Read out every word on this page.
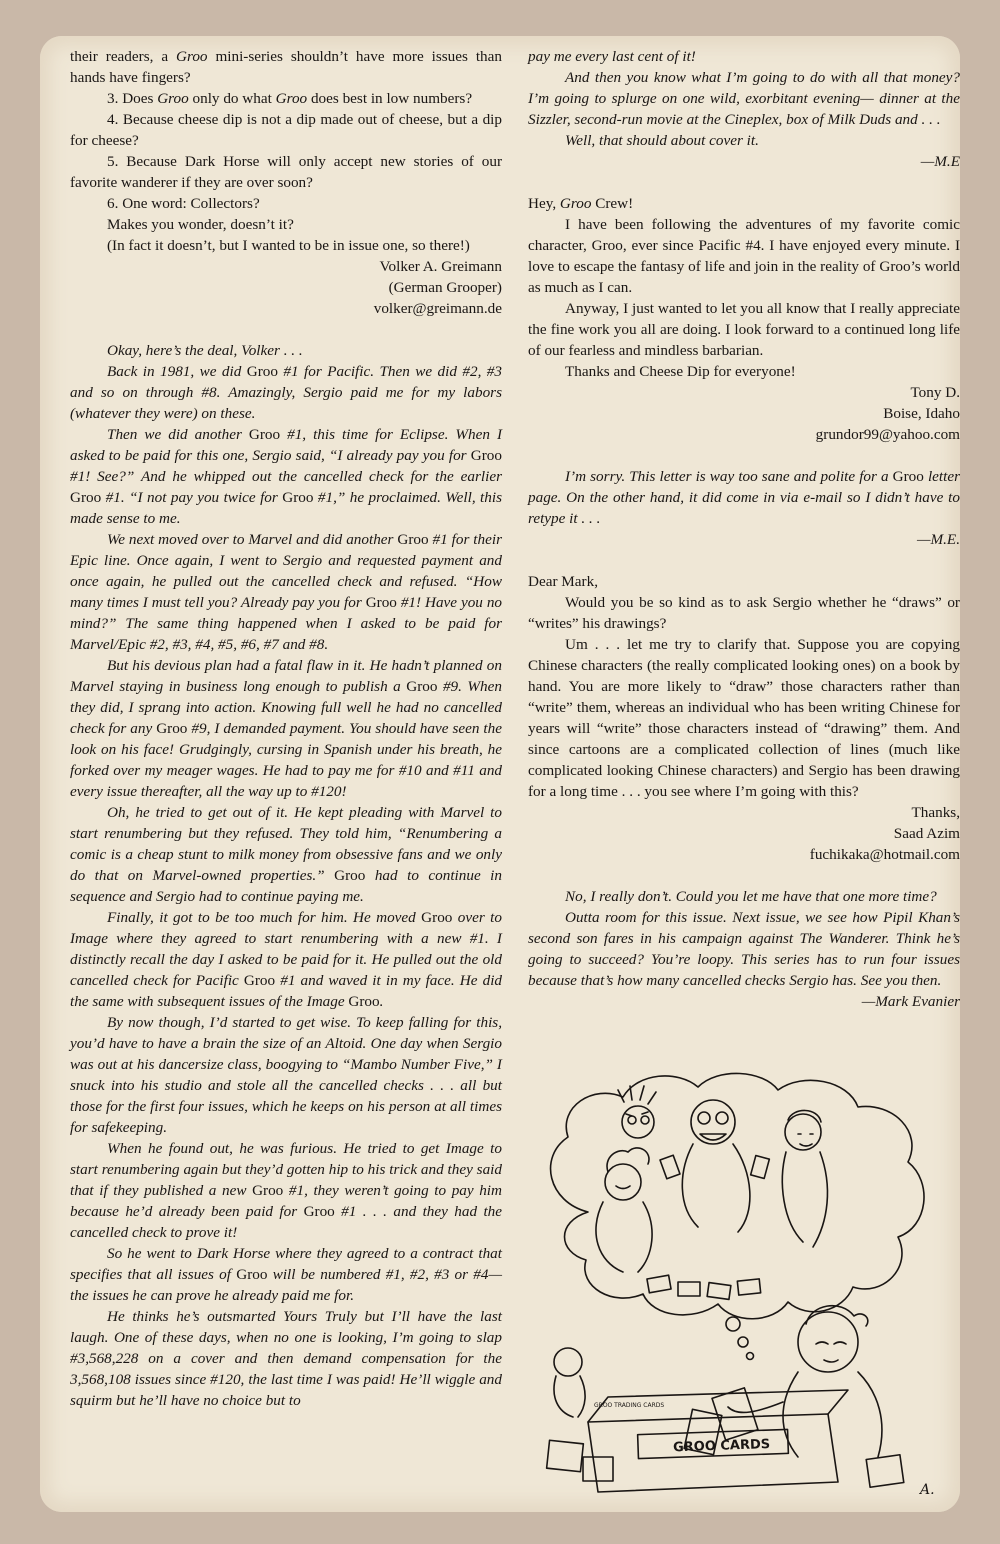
their readers, a Groo mini-series shouldn’t have more issues than hands have fingers?

3. Does Groo only do what Groo does best in low numbers?

4. Because cheese dip is not a dip made out of cheese, but a dip for cheese?

5. Because Dark Horse will only accept new stories of our favorite wanderer if they are over soon?

6. One word: Collectors?

Makes you wonder, doesn’t it?

(In fact it doesn’t, but I wanted to be in issue one, so there!)

Volker A. Greimann

(German Grooper)

volker@greimann.de

Okay, here’s the deal, Volker . . .

Back in 1981, we did Groo #1 for Pacific. Then we did #2, #3 and so on through #8. Amazingly, Sergio paid me for my labors (whatever they were) on these.

Then we did another Groo #1, this time for Eclipse. When I asked to be paid for this one, Sergio said, “I already pay you for Groo #1! See?” And he whipped out the cancelled check for the earlier Groo #1. “I not pay you twice for Groo #1,” he proclaimed. Well, this made sense to me.

We next moved over to Marvel and did another Groo #1 for their Epic line. Once again, I went to Sergio and requested payment and once again, he pulled out the cancelled check and refused. “How many times I must tell you? Already pay you for Groo #1! Have you no mind?” The same thing happened when I asked to be paid for Marvel/Epic #2, #3, #4, #5, #6, #7 and #8.

But his devious plan had a fatal flaw in it. He hadn’t planned on Marvel staying in business long enough to publish a Groo #9. When they did, I sprang into action. Knowing full well he had no cancelled check for any Groo #9, I demanded payment. You should have seen the look on his face! Grudgingly, cursing in Spanish under his breath, he forked over my meager wages. He had to pay me for #10 and #11 and every issue thereafter, all the way up to #120!

Oh, he tried to get out of it. He kept pleading with Marvel to start renumbering but they refused. They told him, “Renumbering a comic is a cheap stunt to milk money from obsessive fans and we only do that on Marvel-owned properties.” Groo had to continue in sequence and Sergio had to continue paying me.

Finally, it got to be too much for him. He moved Groo over to Image where they agreed to start renumbering with a new #1. I distinctly recall the day I asked to be paid for it. He pulled out the old cancelled check for Pacific Groo #1 and waved it in my face. He did the same with subsequent issues of the Image Groo.

By now though, I’d started to get wise. To keep falling for this, you’d have to have a brain the size of an Altoid. One day when Sergio was out at his dancersize class, boogying to “Mambo Number Five,” I snuck into his studio and stole all the cancelled checks . . . all but those for the first four issues, which he keeps on his person at all times for safekeeping.

When he found out, he was furious. He tried to get Image to start renumbering again but they’d gotten hip to his trick and they said that if they published a new Groo #1, they weren’t going to pay him because he’d already been paid for Groo #1 . . . and they had the cancelled check to prove it!

So he went to Dark Horse where they agreed to a contract that specifies that all issues of Groo will be numbered #1, #2, #3 or #4— the issues he can prove he already paid me for.

He thinks he’s outsmarted Yours Truly but I’ll have the last laugh. One of these days, when no one is looking, I’m going to slap #3,568,228 on a cover and then demand compensation for the 3,568,108 issues since #120, the last time I was paid! He’ll wiggle and squirm but he’ll have no choice but to

pay me every last cent of it!

And then you know what I’m going to do with all that money? I’m going to splurge on one wild, exorbitant evening— dinner at the Sizzler, second-run movie at the Cineplex, box of Milk Duds and . . .

Well, that should about cover it.

—M.E

Hey, Groo Crew!

I have been following the adventures of my favorite comic character, Groo, ever since Pacific #4. I have enjoyed every minute. I love to escape the fantasy of life and join in the reality of Groo’s world as much as I can.

Anyway, I just wanted to let you all know that I really appreciate the fine work you all are doing. I look forward to a continued long life of our fearless and mindless barbarian.

Thanks and Cheese Dip for everyone!

Tony D.

Boise, Idaho

grundor99@yahoo.com

I’m sorry. This letter is way too sane and polite for a Groo letter page. On the other hand, it did come in via e-mail so I didn’t have to retype it . . .

—M.E.

Dear Mark,

Would you be so kind as to ask Sergio whether he “draws” or “writes” his drawings?

Um . . . let me try to clarify that. Suppose you are copying Chinese characters (the really complicated looking ones) on a book by hand. You are more likely to “draw” those characters rather than “write” them, whereas an individual who has been writing Chinese for years will “write” those characters instead of “drawing” them. And since cartoons are a complicated collection of lines (much like complicated looking Chinese characters) and Sergio has been drawing for a long time . . . you see where I’m going with this?

Thanks,

Saad Azim

fuchikaka@hotmail.com

No, I really don’t. Could you let me have that one more time?

Outta room for this issue. Next issue, we see how Pipil Khan’s second son fares in his campaign against The Wanderer. Think he’s going to succeed? You’re loopy. This series has to run four issues because that’s how many cancelled checks Sergio has. See you then.

—Mark Evanier

GROO CARDS
GROO TRADING CARDS
A.
